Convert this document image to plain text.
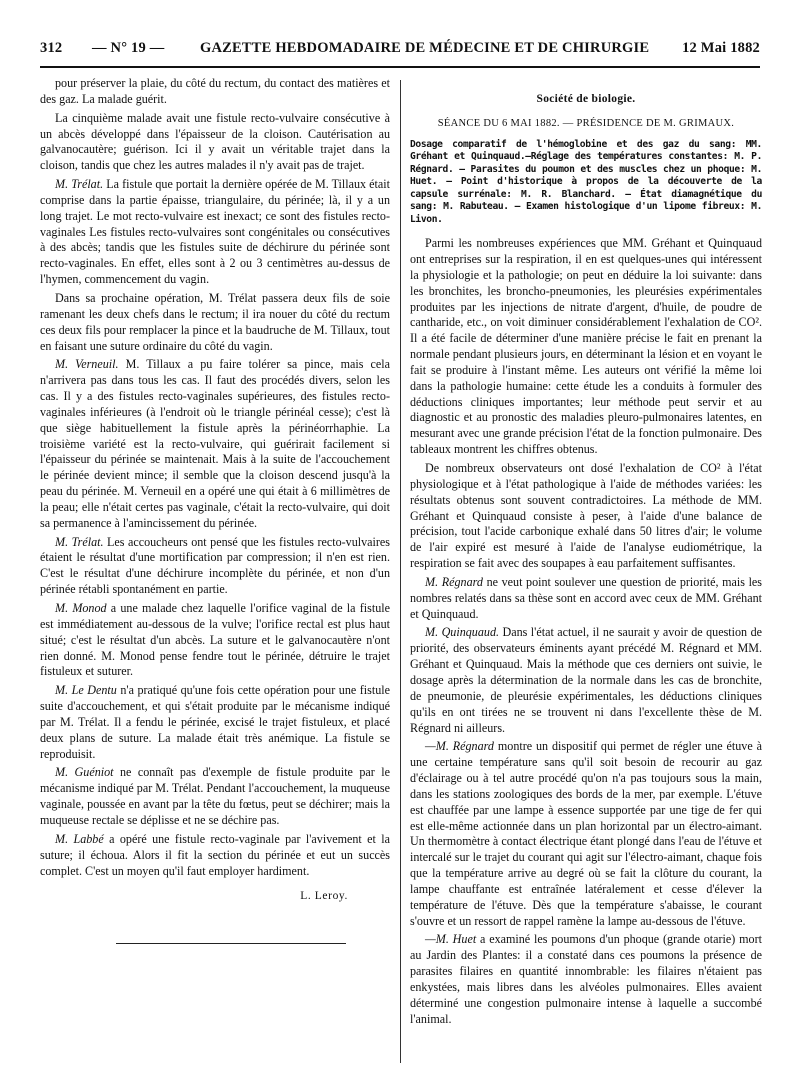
312 — N° 19 — GAZETTE HEBDOMADAIRE DE MÉDECINE ET DE CHIRURGIE 12 Mai 1882

pour préserver la plaie, du côté du rectum, du contact des matières et des gaz. La malade guérit.

La cinquième malade avait une fistule recto-vulvaire consécutive à un abcès développé dans l'épaisseur de la cloison. Cautérisation au galvanocautère; guérison. Ici il y avait un véritable trajet dans la cloison, tandis que chez les autres malades il n'y avait pas de trajet.

M. Trélat. La fistule que portait la dernière opérée de M. Tillaux était comprise dans la partie épaisse, triangulaire, du périnée; là, il y a un long trajet. Le mot recto-vulvaire est inexact; ce sont des fistules recto-vaginales Les fistules recto-vulvaires sont congénitales ou consécutives à des abcès; tandis que les fistules suite de déchirure du périnée sont recto-vaginales. En effet, elles sont à 2 ou 3 centimètres au-dessus de l'hymen, commencement du vagin.

Dans sa prochaine opération, M. Trélat passera deux fils de soie ramenant les deux chefs dans le rectum; il ira nouer du côté du rectum ces deux fils pour remplacer la pince et la baudruche de M. Tillaux, tout en faisant une suture ordinaire du côté du vagin.

M. Verneuil. M. Tillaux a pu faire tolérer sa pince, mais cela n'arrivera pas dans tous les cas. Il faut des procédés divers, selon les cas. Il y a des fistules recto-vaginales supérieures, des fistules recto-vaginales inférieures (à l'endroit où le triangle périnéal cesse); c'est là que siège habituellement la fistule après la périnéorrhaphie. La troisième variété est la recto-vulvaire, qui guérirait facilement si l'épaisseur du périnée se maintenait. Mais à la suite de l'accouchement le périnée devient mince; il semble que la cloison descend jusqu'à la peau du périnée. M. Verneuil en a opéré une qui était à 6 millimètres de la peau; elle n'était certes pas vaginale, c'était la recto-vulvaire, qui doit sa permanence à l'amincissement du périnée.

M. Trélat. Les accoucheurs ont pensé que les fistules recto-vulvaires étaient le résultat d'une mortification par compression; il n'en est rien. C'est le résultat d'une déchirure incomplète du périnée, et non d'un périnée rétabli spontanément en partie.

M. Monod a une malade chez laquelle l'orifice vaginal de la fistule est immédiatement au-dessous de la vulve; l'orifice rectal est plus haut situé; c'est le résultat d'un abcès. La suture et le galvanocautère n'ont rien donné. M. Monod pense fendre tout le périnée, détruire le trajet fistuleux et suturer.

M. Le Dentu n'a pratiqué qu'une fois cette opération pour une fistule suite d'accouchement, et qui s'était produite par le mécanisme indiqué par M. Trélat. Il a fendu le périnée, excisé le trajet fistuleux, et placé deux plans de suture. La malade était très anémique. La fistule se reproduisit.

M. Guéniot ne connaît pas d'exemple de fistule produite par le mécanisme indiqué par M. Trélat. Pendant l'accouchement, la muqueuse vaginale, poussée en avant par la tête du fœtus, peut se déchirer; mais la muqueuse rectale se déplisse et ne se déchire pas.

M. Labbé a opéré une fistule recto-vaginale par l'avivement et la suture; il échoua. Alors il fit la section du périnée et eut un succès complet. C'est un moyen qu'il faut employer hardiment.

L. Leroy.
Société de biologie.
SÉANCE DU 6 MAI 1882. — PRÉSIDENCE DE M. GRIMAUX.
Dosage comparatif de l'hémoglobine et des gaz du sang: MM. Gréhant et Quinquaud.—Réglage des températures constantes: M. P. Régnard. — Parasites du poumon et des muscles chez un phoque: M. Huet. — Point d'historique à propos de la découverte de la capsule surrénale: M. R. Blanchard. — État diamagnétique du sang: M. Rabuteau. — Examen histologique d'un lipome fibreux: M. Livon.

Parmi les nombreuses expériences que MM. Gréhant et Quinquaud ont entreprises sur la respiration, il en est quelques-unes qui intéressent la physiologie et la pathologie; on peut en déduire la loi suivante: dans les bronchites, les broncho-pneumonies, les pleurésies expérimentales produites par les injections de nitrate d'argent, d'huile, de poudre de cantharide, etc., on voit diminuer considérablement l'exhalation de CO². Il a été facile de déterminer d'une manière précise le fait en prenant la normale pendant plusieurs jours, en déterminant la lésion et en voyant le fait se produire à l'instant même. Les auteurs ont vérifié la même loi dans la pathologie humaine: cette étude les a conduits à formuler des déductions cliniques importantes; leur méthode peut servir et au diagnostic et au pronostic des maladies pleuro-pulmonaires latentes, en mesurant avec une grande précision l'état de la fonction pulmonaire. Des tableaux montrent les chiffres obtenus.

De nombreux observateurs ont dosé l'exhalation de CO² à l'état physiologique et à l'état pathologique à l'aide de méthodes variées: les résultats obtenus sont souvent contradictoires. La méthode de MM. Gréhant et Quinquaud consiste à peser, à l'aide d'une balance de précision, tout l'acide carbonique exhalé dans 50 litres d'air; le volume de l'air expiré est mesuré à l'aide de l'analyse eudiométrique, la respiration se fait avec des soupapes à eau parfaitement suffisantes.

M. Régnard ne veut point soulever une question de priorité, mais les nombres relatés dans sa thèse sont en accord avec ceux de MM. Gréhant et Quinquaud.

M. Quinquaud. Dans l'état actuel, il ne saurait y avoir de question de priorité, des observateurs éminents ayant précédé M. Régnard et MM. Gréhant et Quinquaud. Mais la méthode que ces derniers ont suivie, le dosage après la détermination de la normale dans les cas de bronchite, de pneumonie, de pleurésie expérimentales, les déductions cliniques qu'ils en ont tirées ne se trouvent ni dans l'excellente thèse de M. Régnard ni ailleurs.

—M. Régnard montre un dispositif qui permet de régler une étuve à une certaine température sans qu'il soit besoin de recourir au gaz d'éclairage ou à tel autre procédé qu'on n'a pas toujours sous la main, dans les stations zoologiques des bords de la mer, par exemple. L'étuve est chauffée par une lampe à essence supportée par une tige de fer qui est elle-même actionnée dans un plan horizontal par un électro-aimant. Un thermomètre à contact électrique étant plongé dans l'eau de l'étuve et intercalé sur le trajet du courant qui agit sur l'électro-aimant, chaque fois que la température arrive au degré où se fait la clôture du courant, la lampe chauffante est entraînée latéralement et cesse d'élever la température de l'étuve. Dès que la température s'abaisse, le courant s'ouvre et un ressort de rappel ramène la lampe au-dessous de l'étuve.

—M. Huet a examiné les poumons d'un phoque (grande otarie) mort au Jardin des Plantes: il a constaté dans ces poumons la présence de parasites filaires en quantité innombrable: les filaires n'étaient pas enkystées, mais libres dans les alvéoles pulmonaires. Elles avaient déterminé une congestion pulmonaire intense à laquelle a succombé l'animal.
